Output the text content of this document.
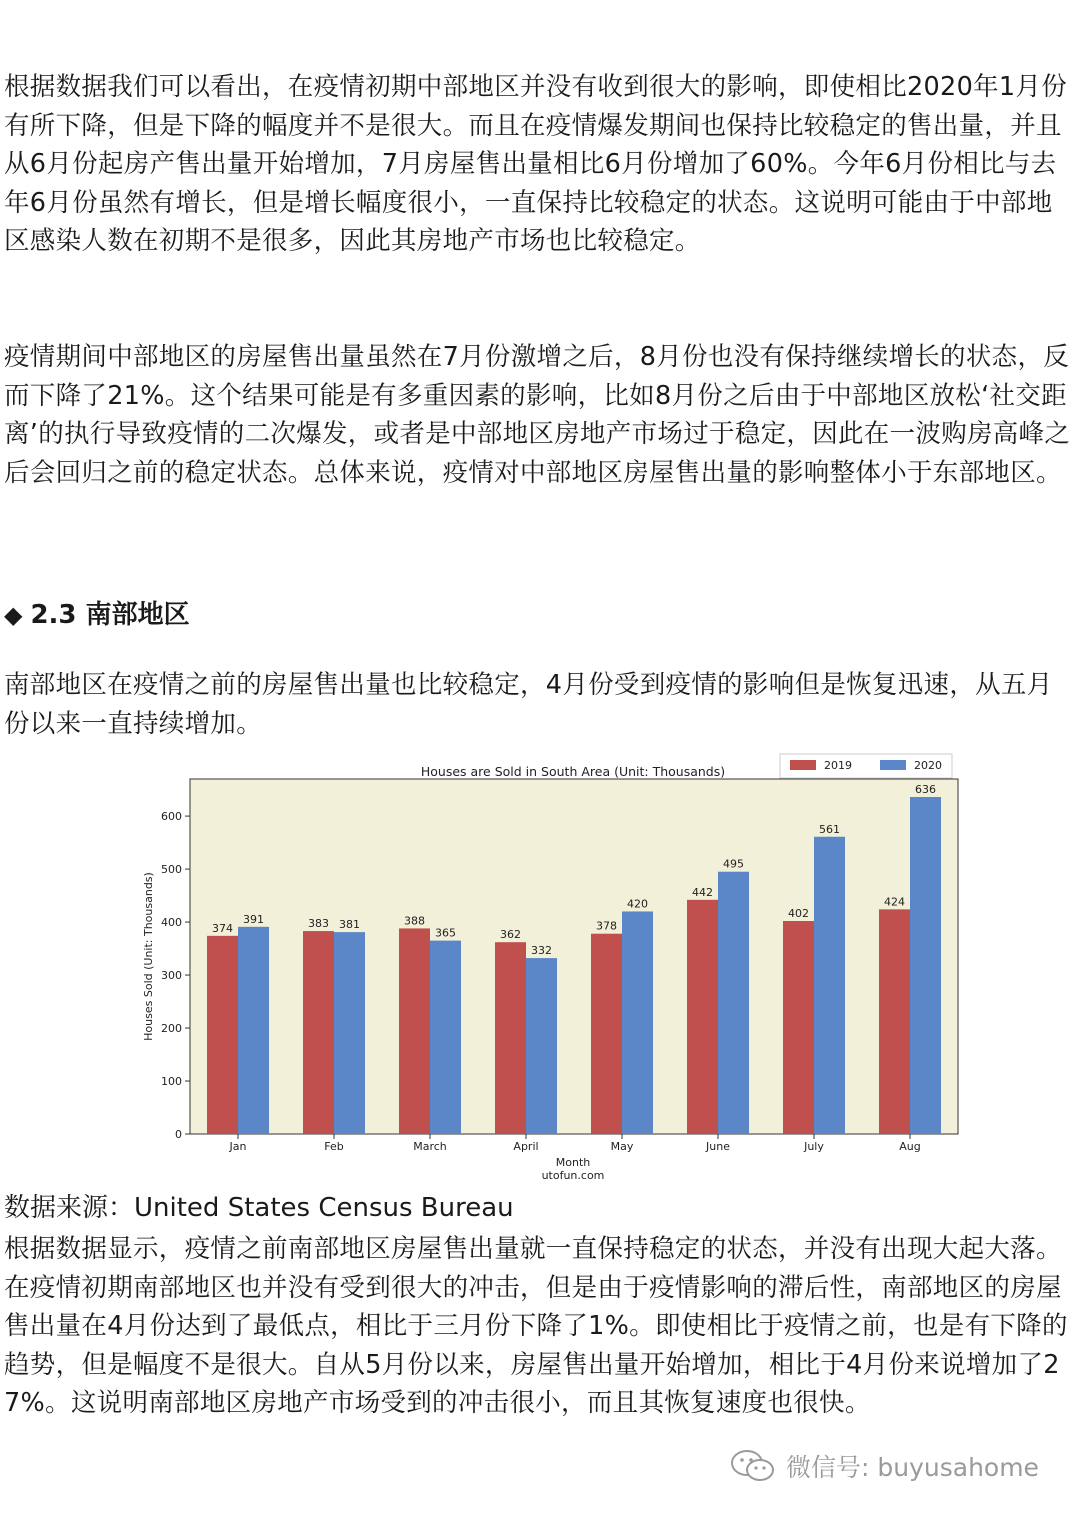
根据数据我们可以看出，在疫情初期中部地区并没有收到很大的影响，即使相比2020年1月份有所下降，但是下降的幅度并不是很大。而且在疫情爆发期间也保持比较稳定的售出量，并且从6月份起房产售出量开始增加，7月房屋售出量相比6月份增加了60%。今年6月份相比与去年6月份虽然有增长，但是增长幅度很小，一直保持比较稳定的状态。这说明可能由于中部地区感染人数在初期不是很多，因此其房地产市场也比较稳定。

疫情期间中部地区的房屋售出量虽然在7月份激增之后，8月份也没有保持继续增长的状态，反而下降了21%。这个结果可能是有多重因素的影响，比如8月份之后由于中部地区放松‘社交距离’的执行导致疫情的二次爆发，或者是中部地区房地产市场过于稳定，因此在一波购房高峰之后会回归之前的稳定状态。总体来说，疫情对中部地区房屋售出量的影响整体小于东部地区。

◆ 2.3 南部地区

南部地区在疫情之前的房屋售出量也比较稳定，4月份受到疫情的影响但是恢复迅速，从五月份以来一直持续增加。

0
100
200
300
400
500
600
Jan
374
391
Feb
383 381
March
388
365
April
362
332
May
378
420
June
442
495
July
402
561
Aug
424
636
Houses are Sold in South Area (Unit: Thousands)
Month
utofun.com
Houses Sold (Unit: Thousands)
2019	2020

数据来源：United States Census Bureau

根据数据显示，疫情之前南部地区房屋售出量就一直保持稳定的状态，并没有出现大起大落。在疫情初期南部地区也并没有受到很大的冲击，但是由于疫情影响的滞后性，南部地区的房屋售出量在4月份达到了最低点，相比于三月份下降了1%。即使相比于疫情之前，也是有下降的趋势，但是幅度不是很大。自从5月份以来，房屋售出量开始增加，相比于4月份来说增加了27%。这说明南部地区房地产市场受到的冲击很小，而且其恢复速度也很快。

微信号: buyusahome
